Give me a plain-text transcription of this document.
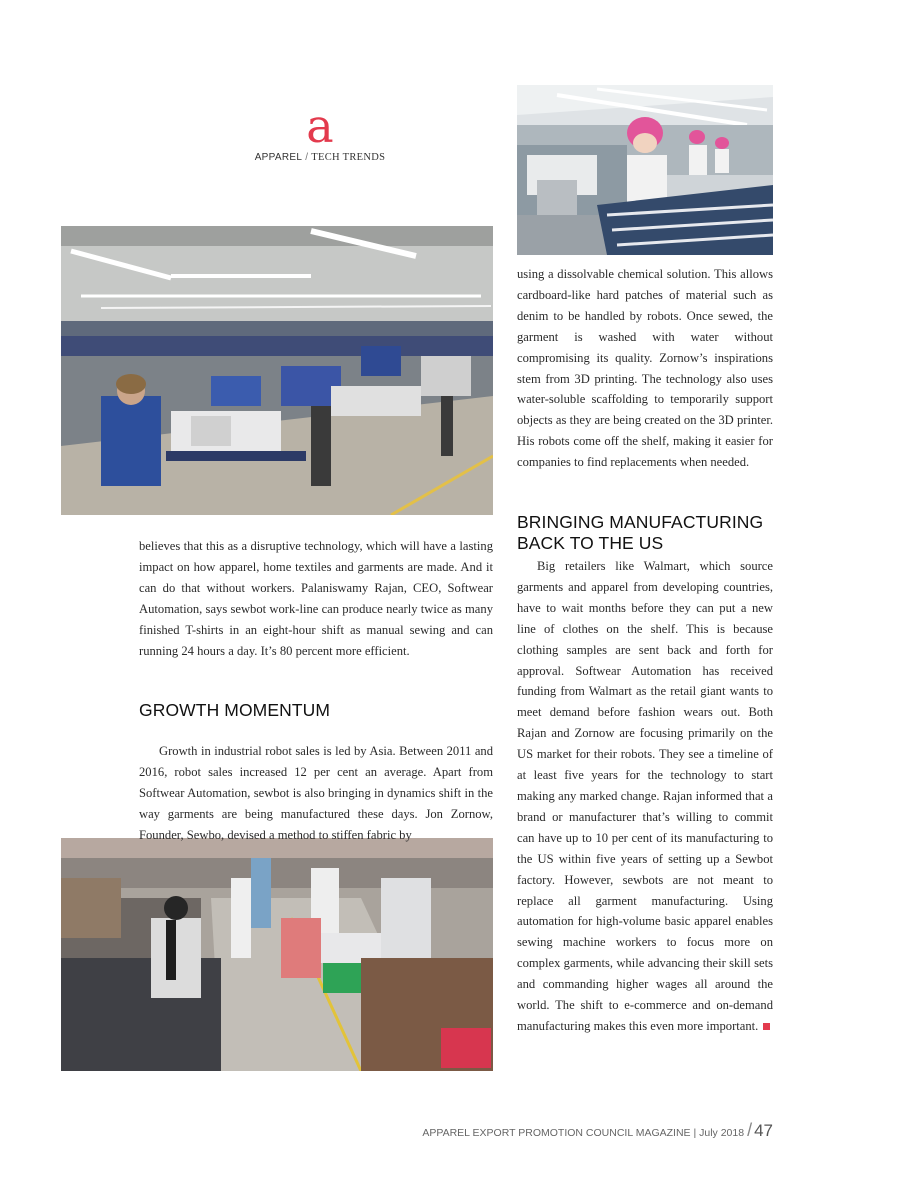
a
APPAREL / TECH TRENDS

believes that this as a disruptive technology, which will have a lasting impact on how apparel, home textiles and garments are made. And it can do that without workers. Palaniswamy Rajan, CEO, Softwear Automation, says sewbot work-line can produce nearly twice as many finished T-shirts in an eight-hour shift as manual sewing and can running 24 hours a day. It’s 80 percent more efficient.

GROWTH MOMENTUM

Growth in industrial robot sales is led by Asia. Between 2011 and 2016, robot sales increased 12 per cent an average. Apart from Softwear Automation, sewbot is also bringing in dynamics shift in the way garments are being manufactured these days. Jon Zornow, Founder, Sewbo, devised a method to stiffen fabric by

using a dissolvable chemical solution. This allows cardboard-like hard patches of material such as denim to be handled by robots. Once sewed, the garment is washed with water without compromising its quality. Zornow’s inspirations stem from 3D printing. The technology also uses water-soluble scaffolding to temporarily support objects as they are being created on the 3D printer. His robots come off the shelf, making it easier for companies to find replacements when needed.

BRINGING MANUFACTURING BACK TO THE US

Big retailers like Walmart, which source garments and apparel from developing countries, have to wait months before they can put a new line of clothes on the shelf. This is because clothing samples are sent back and forth for approval. Softwear Automation has received funding from Walmart as the retail giant wants to meet demand before fashion wears out. Both Rajan and Zornow are focusing primarily on the US market for their robots. They see a timeline of at least five years for the technology to start making any marked change. Rajan informed that a brand or manufacturer that’s willing to commit can have up to 10 per cent of its manufacturing to the US within five years of setting up a Sewbot factory. However, sewbots are not meant to replace all garment manufacturing. Using automation for high-volume basic apparel enables sewing machine workers to focus more on complex garments, while advancing their skill sets and commanding higher wages all around the world. The shift to e-commerce and on-demand manufacturing makes this even more important.

APPAREL EXPORT PROMOTION COUNCIL MAGAZINE | July 2018 / 47
